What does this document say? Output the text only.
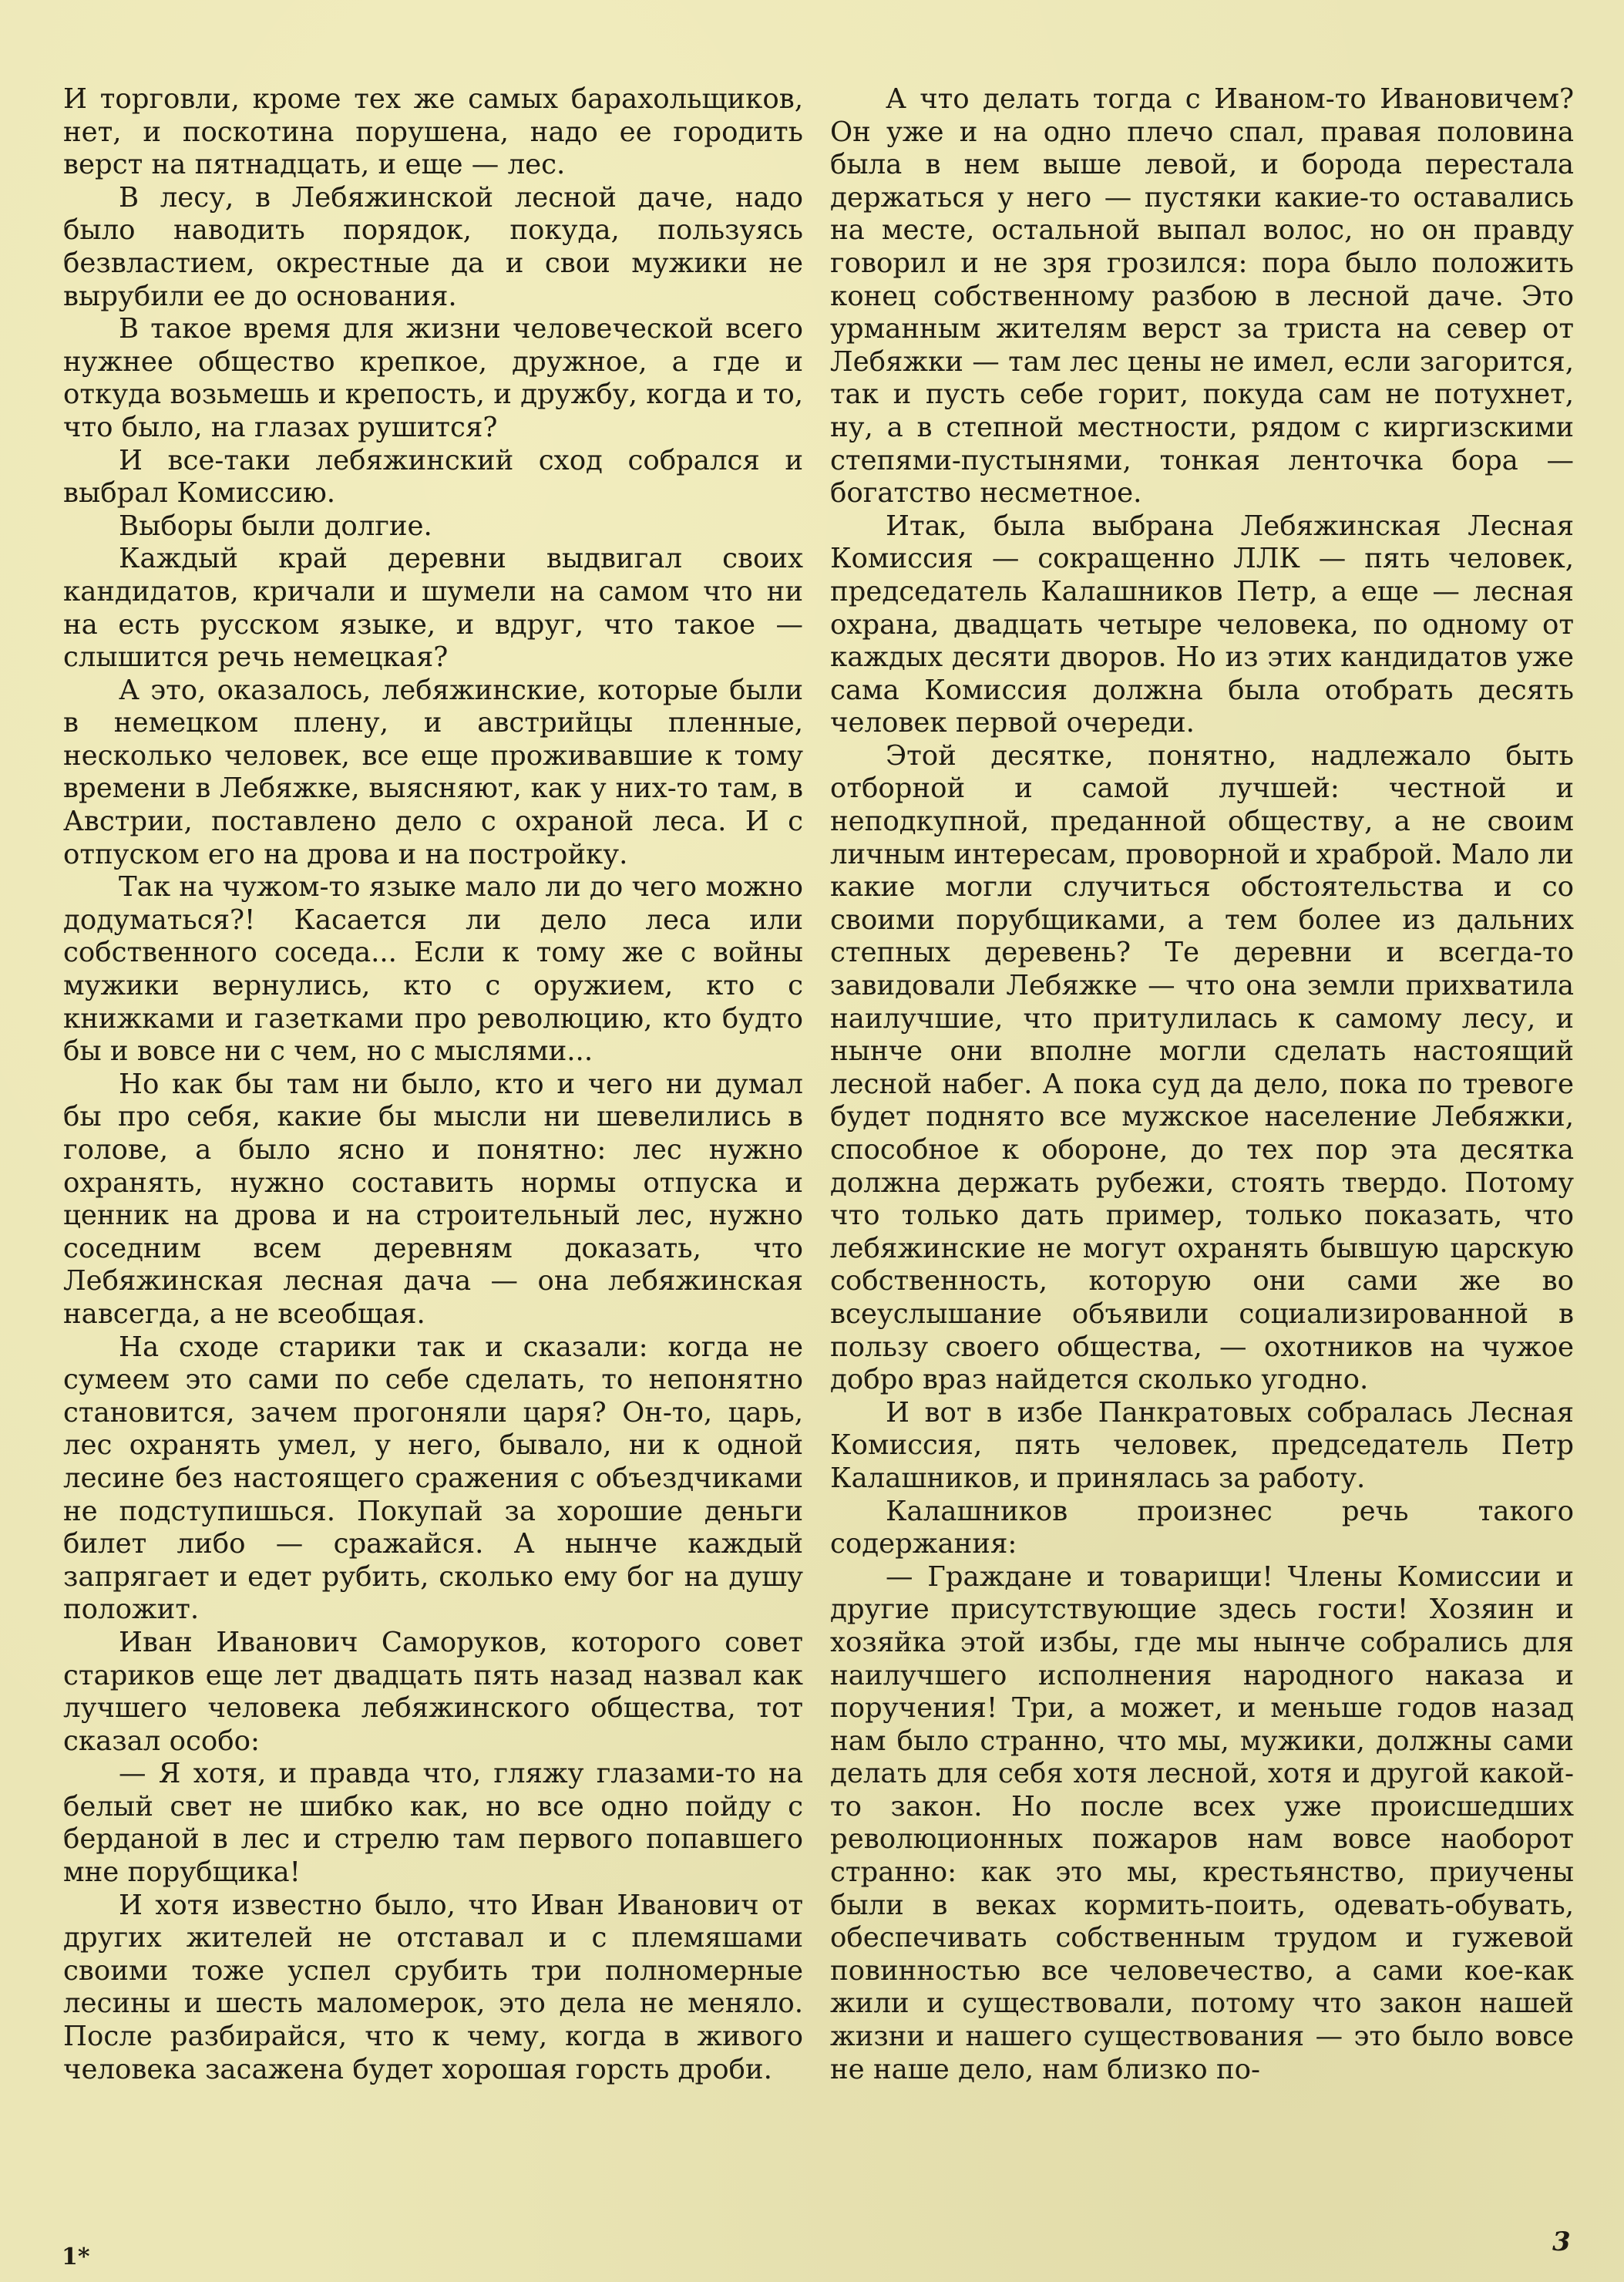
И торговли, кроме тех же самых барахольщиков, нет, и поскотина порушена, надо ее городить верст на пятнадцать, и еще — лес.

В лесу, в Лебяжинской лесной даче, надо было наводить порядок, покуда, пользуясь безвластием, окрестные да и свои мужики не вырубили ее до основания.

В такое время для жизни человеческой всего нужнее общество крепкое, дружное, а где и откуда возьмешь и крепость, и дружбу, когда и то, что было, на глазах рушится?

И все-таки лебяжинский сход собрался и выбрал Комиссию.

Выборы были долгие.

Каждый край деревни выдвигал своих кандидатов, кричали и шумели на самом что ни на есть русском языке, и вдруг, что такое — слышится речь немецкая?

А это, оказалось, лебяжинские, которые были в немецком плену, и австрийцы пленные, несколько человек, все еще проживавшие к тому времени в Лебяжке, выясняют, как у них-то там, в Австрии, поставлено дело с охраной леса. И с отпуском его на дрова и на постройку.

Так на чужом-то языке мало ли до чего можно додуматься?! Касается ли дело леса или собственного соседа... Если к тому же с войны мужики вернулись, кто с оружием, кто с книжками и газетками про революцию, кто будто бы и вовсе ни с чем, но с мыслями...

Но как бы там ни было, кто и чего ни думал бы про себя, какие бы мысли ни шевелились в голове, а было ясно и понятно: лес нужно охранять, нужно составить нормы отпуска и ценник на дрова и на строительный лес, нужно соседним всем деревням доказать, что Лебяжинская лесная дача — она лебяжинская навсегда, а не всеобщая.

На сходе старики так и сказали: когда не сумеем это сами по себе сделать, то непонятно становится, зачем прогоняли царя? Он-то, царь, лес охранять умел, у него, бывало, ни к одной лесине без настоящего сражения с объездчиками не подступишься. Покупай за хорошие деньги билет либо — сражайся. А нынче каждый запрягает и едет рубить, сколько ему бог на душу положит.

Иван Иванович Саморуков, которого совет стариков еще лет двадцать пять назад назвал как лучшего человека лебяжинского общества, тот сказал особо:

— Я хотя, и правда что, гляжу глазами-то на белый свет не шибко как, но все одно пойду с берданой в лес и стрелю там первого попавшего мне порубщика!

И хотя известно было, что Иван Иванович от других жителей не отставал и с племяшами своими тоже успел срубить три полномерные лесины и шесть маломерок, это дела не меняло. После разбирайся, что к чему, когда в живого человека засажена будет хорошая горсть дроби.

А что делать тогда с Иваном-то Ивановичем? Он уже и на одно плечо спал, правая половина была в нем выше левой, и борода перестала держаться у него — пустяки какие-то оставались на месте, остальной выпал волос, но он правду говорил и не зря грозился: пора было положить конец собственному разбою в лесной даче. Это урманным жителям верст за триста на север от Лебяжки — там лес цены не имел, если загорится, так и пусть себе горит, покуда сам не потухнет, ну, а в степной местности, рядом с киргизскими степями-пустынями, тонкая ленточка бора — богатство несметное.

Итак, была выбрана Лебяжинская Лесная Комиссия — сокращенно ЛЛК — пять человек, председатель Калашников Петр, а еще — лесная охрана, двадцать четыре человека, по одному от каждых десяти дворов. Но из этих кандидатов уже сама Комиссия должна была отобрать десять человек первой очереди.

Этой десятке, понятно, надлежало быть отборной и самой лучшей: честной и неподкупной, преданной обществу, а не своим личным интересам, проворной и храброй. Мало ли какие могли случиться обстоятельства и со своими порубщиками, а тем более из дальних степных деревень? Те деревни и всегда-то завидовали Лебяжке — что она земли прихватила наилучшие, что притулилась к самому лесу, и нынче они вполне могли сделать настоящий лесной набег. А пока суд да дело, пока по тревоге будет поднято все мужское население Лебяжки, способное к обороне, до тех пор эта десятка должна держать рубежи, стоять твердо. Потому что только дать пример, только показать, что лебяжинские не могут охранять бывшую царскую собственность, которую они сами же во всеуслышание объявили социализированной в пользу своего общества, — охотников на чужое добро враз найдется сколько угодно.

И вот в избе Панкратовых собралась Лесная Комиссия, пять человек, председатель Петр Калашников, и принялась за работу.

Калашников произнес речь такого содержания:

— Граждане и товарищи! Члены Комиссии и другие присутствующие здесь гости! Хозяин и хозяйка этой избы, где мы нынче собрались для наилучшего исполнения народного наказа и поручения! Три, а может, и меньше годов назад нам было странно, что мы, мужики, должны сами делать для себя хотя лесной, хотя и другой какой-то закон. Но после всех уже происшедших революционных пожаров нам вовсе наоборот странно: как это мы, крестьянство, приучены были в веках кормить-поить, одевать-обувать, обеспечивать собственным трудом и гужевой повинностью все человечество, а сами кое-как жили и существовали, потому что закон нашей жизни и нашего существования — это было вовсе не наше дело, нам близко по-

3
1*
